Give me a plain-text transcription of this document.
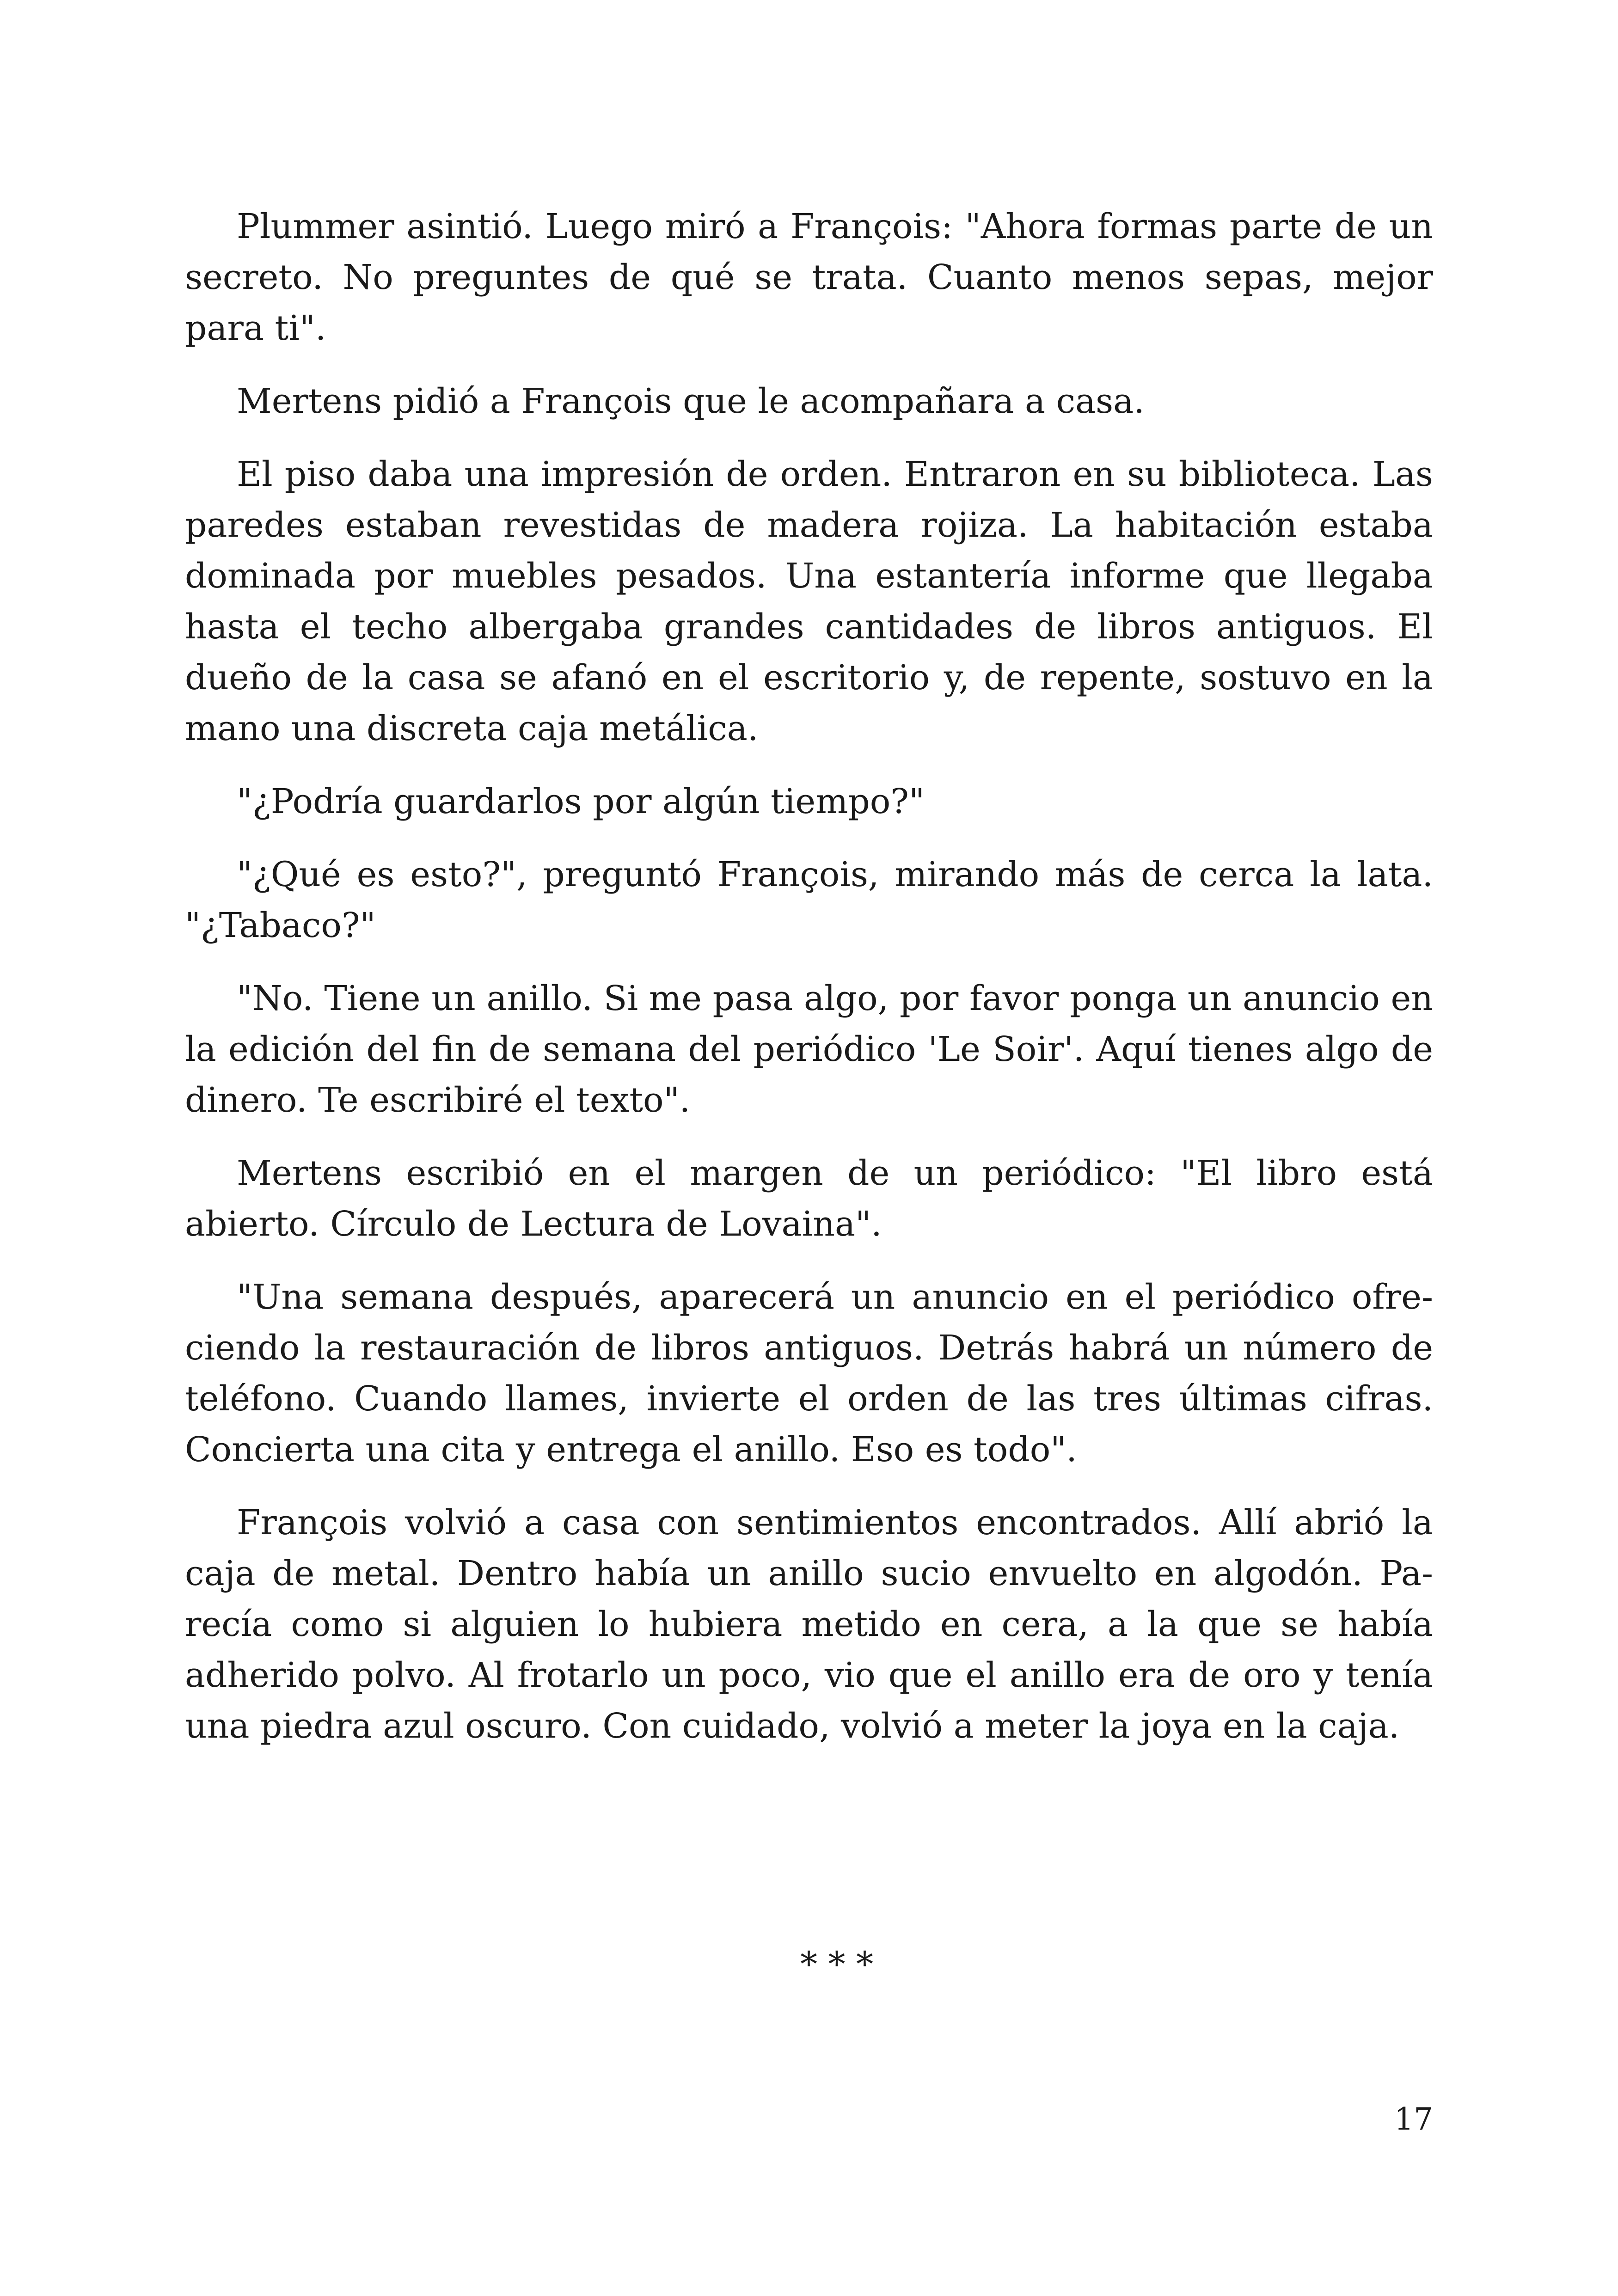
Plummer asintió. Luego miró a François: "Ahora formas parte de un secreto. No preguntes de qué se trata. Cuanto menos sepas, mejor para ti".

Mertens pidió a François que le acompañara a casa.

El piso daba una impresión de orden. Entraron en su biblioteca. Las paredes estaban revestidas de madera rojiza. La habitación estaba dominada por muebles pesados. Una estantería informe que llegaba hasta el techo albergaba grandes cantidades de libros antiguos. El dueño de la casa se afanó en el escritorio y, de repente, sostuvo en la mano una discreta caja metálica.

"¿Podría guardarlos por algún tiempo?"

"¿Qué es esto?", preguntó François, mirando más de cerca la lata. "¿Tabaco?"

"No. Tiene un anillo. Si me pasa algo, por favor ponga un anuncio en la edición del fin de semana del periódico 'Le Soir'. Aquí tienes algo de dinero. Te escribiré el texto".

Mertens escribió en el margen de un periódico: "El libro está abierto. Círculo de Lectura de Lovaina".

"Una semana después, aparecerá un anuncio en el periódico ofreciendo la restauración de libros antiguos. Detrás habrá un número de teléfono. Cuando llames, invierte el orden de las tres últimas cifras. Concierta una cita y entrega el anillo. Eso es todo".

François volvió a casa con sentimientos encontrados. Allí abrió la caja de metal. Dentro había un anillo sucio envuelto en algodón. Parecía como si alguien lo hubiera metido en cera, a la que se había adherido polvo. Al frotarlo un poco, vio que el anillo era de oro y tenía una piedra azul oscuro. Con cuidado, volvió a meter la joya en la caja.

* * *
17
